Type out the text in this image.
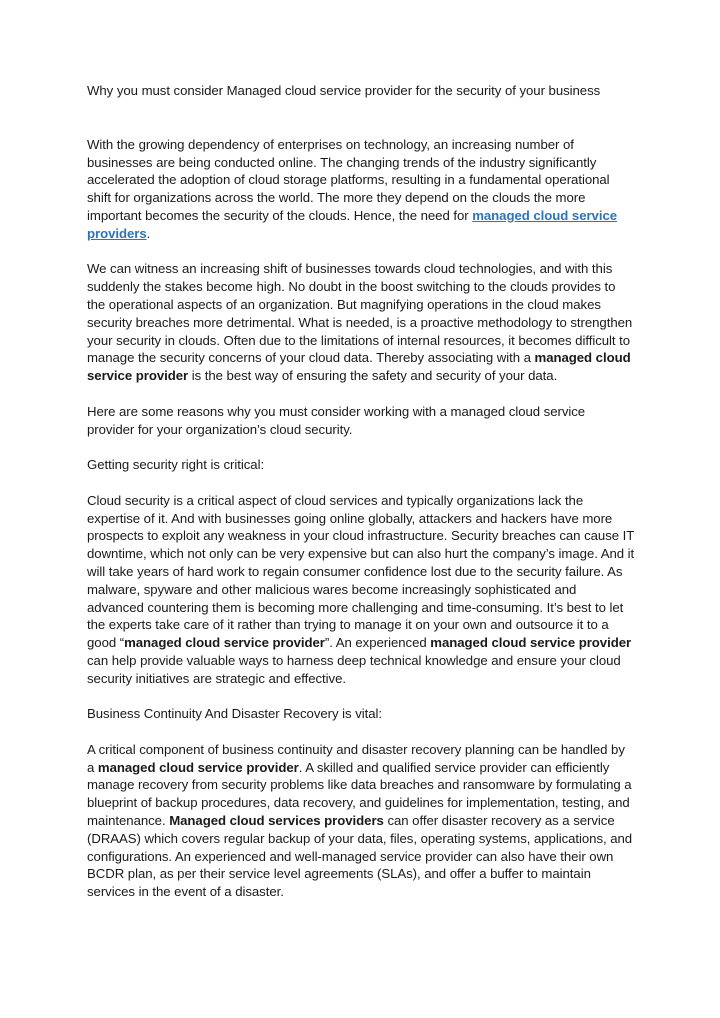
Why you must consider Managed cloud service provider for the security of your business

With the growing dependency of enterprises on technology, an increasing number of businesses are being conducted online. The changing trends of the industry significantly accelerated the adoption of cloud storage platforms, resulting in a fundamental operational shift for organizations across the world. The more they depend on the clouds the more important becomes the security of the clouds. Hence, the need for managed cloud service providers.

We can witness an increasing shift of businesses towards cloud technologies, and with this suddenly the stakes become high. No doubt in the boost switching to the clouds provides to the operational aspects of an organization. But magnifying operations in the cloud makes security breaches more detrimental. What is needed, is a proactive methodology to strengthen your security in clouds. Often due to the limitations of internal resources, it becomes difficult to manage the security concerns of your cloud data. Thereby associating with a managed cloud service provider is the best way of ensuring the safety and security of your data.

Here are some reasons why you must consider working with a managed cloud service provider for your organization’s cloud security.

Getting security right is critical:

Cloud security is a critical aspect of cloud services and typically organizations lack the expertise of it. And with businesses going online globally, attackers and hackers have more prospects to exploit any weakness in your cloud infrastructure. Security breaches can cause IT downtime, which not only can be very expensive but can also hurt the company’s image. And it will take years of hard work to regain consumer confidence lost due to the security failure. As malware, spyware and other malicious wares become increasingly sophisticated and advanced countering them is becoming more challenging and time-consuming. It’s best to let the experts take care of it rather than trying to manage it on your own and outsource it to a good “managed cloud service provider”. An experienced managed cloud service provider can help provide valuable ways to harness deep technical knowledge and ensure your cloud security initiatives are strategic and effective.

Business Continuity And Disaster Recovery is vital:

A critical component of business continuity and disaster recovery planning can be handled by a managed cloud service provider. A skilled and qualified service provider can efficiently manage recovery from security problems like data breaches and ransomware by formulating a blueprint of backup procedures, data recovery, and guidelines for implementation, testing, and maintenance. Managed cloud services providers can offer disaster recovery as a service (DRAAS) which covers regular backup of your data, files, operating systems, applications, and configurations. An experienced and well-managed service provider can also have their own BCDR plan, as per their service level agreements (SLAs), and offer a buffer to maintain services in the event of a disaster.
